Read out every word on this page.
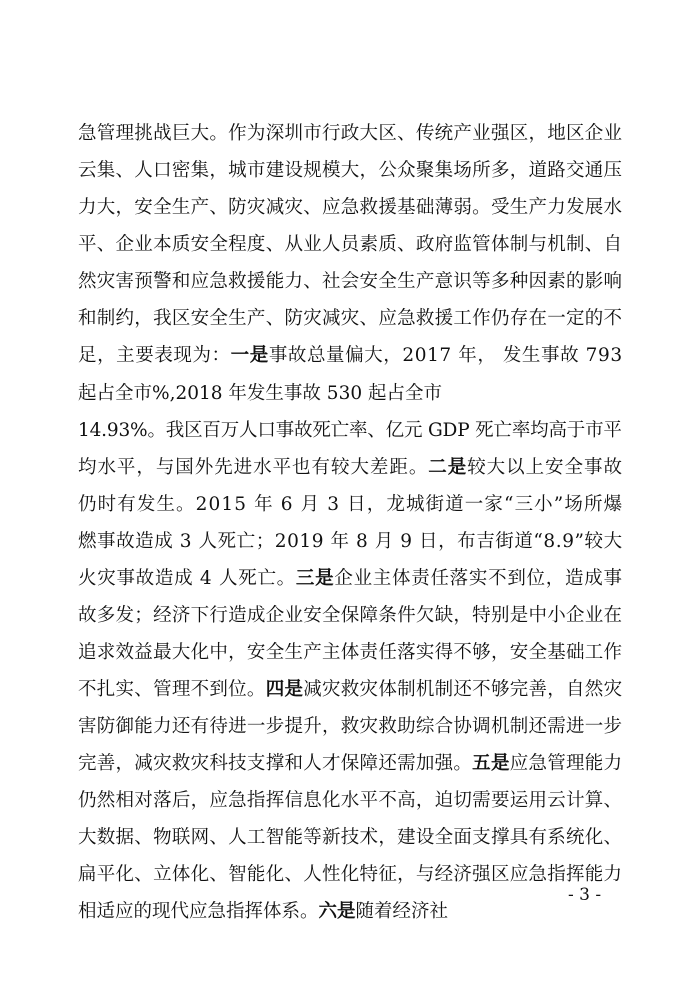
急管理挑战巨大。作为深圳市行政大区、传统产业强区，地区企业
云集、人口密集，城市建设规模大，公众聚集场所多，道路交通压
力大，安全生产、防灾减灾、应急救援基础薄弱。受生产力发展水
平、企业本质安全程度、从业人员素质、政府监管体制与机制、自
然灾害预警和应急救援能力、社会安全生产意识等多种因素的影响
和制约，我区安全生产、防灾减灾、应急救援工作仍存在一定的不
足，主要表现为：一是事故总量偏大，2017 年， 发生事故 793
起占全市%,2018 年发生事故 530 起占全市
14.93%。我区百万人口事故死亡率、亿元 GDP 死亡率均高于市平
均水平，与国外先进水平也有较大差距。二是较大以上安全事故
仍时有发生。2015 年 6 月 3 日，龙城街道一家“三小”场所爆
燃事故造成 3 人死亡；2019 年 8 月 9 日，布吉街道“8.9”较大
火灾事故造成 4 人死亡。三是企业主体责任落实不到位，造成事
故多发；经济下行造成企业安全保障条件欠缺，特别是中小企业在
追求效益最大化中，安全生产主体责任落实得不够，安全基础工作
不扎实、管理不到位。四是减灾救灾体制机制还不够完善，自然灾
害防御能力还有待进一步提升，救灾救助综合协调机制还需进一步
完善，减灾救灾科技支撑和人才保障还需加强。五是应急管理能力
仍然相对落后，应急指挥信息化水平不高，迫切需要运用云计算、
大数据、物联网、人工智能等新技术，建设全面支撑具有系统化、
扁平化、立体化、智能化、人性化特征，与经济强区应急指挥能力
相适应的现代应急指挥体系。六是随着经济社
- 3 -
